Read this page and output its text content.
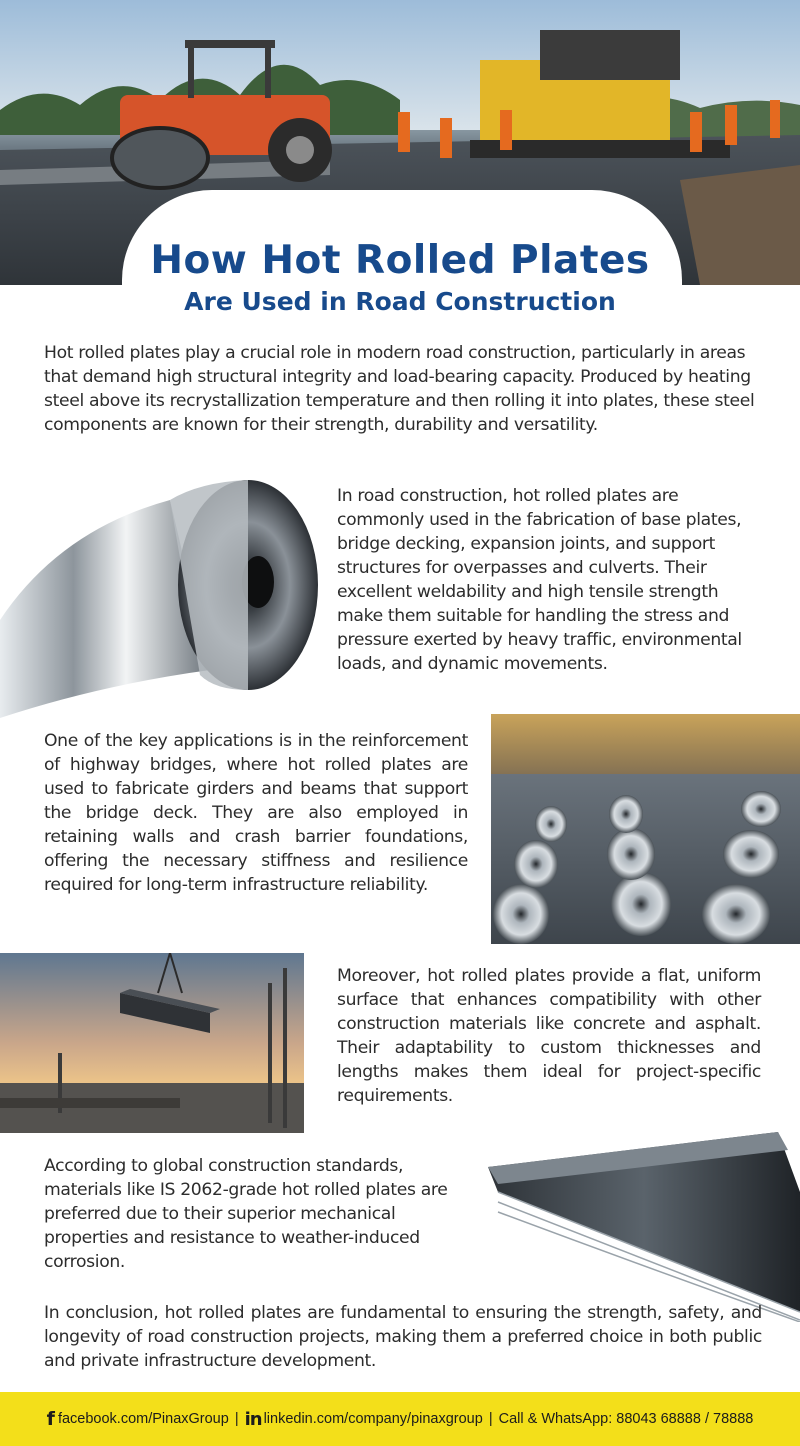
How Hot Rolled Plates
Are Used in Road Construction

Hot rolled plates play a crucial role in modern road construction, particularly in areas that demand high structural integrity and load-bearing capacity. Produced by heating steel above its recrystallization temperature and then rolling it into plates, these steel components are known for their strength, durability and versatility.

In road construction, hot rolled plates are commonly used in the fabrication of base plates, bridge decking, expansion joints, and support structures for overpasses and culverts. Their excellent weldability and high tensile strength make them suitable for handling the stress and pressure exerted by heavy traffic, environmental loads, and dynamic movements.

One of the key applications is in the reinforcement of highway bridges, where hot rolled plates are used to fabricate girders and beams that support the bridge deck. They are also employed in retaining walls and crash barrier foundations, offering the necessary stiffness and resilience required for long-term infrastructure reliability.

Moreover, hot rolled plates provide a flat, uniform surface that enhances compatibility with other construction materials like concrete and asphalt. Their adaptability to custom thicknesses and lengths makes them ideal for project-specific requirements.

According to global construction standards, materials like IS 2062-grade hot rolled plates are preferred due to their superior mechanical properties and resistance to weather-induced corrosion.

In conclusion, hot rolled plates are fundamental to ensuring the strength, safety, and longevity of road construction projects, making them a preferred choice in both public and private infrastructure development.

f facebook.com/PinaxGroup | in linkedin.com/company/pinaxgroup | Call & WhatsApp: 88043 68888 / 78888
